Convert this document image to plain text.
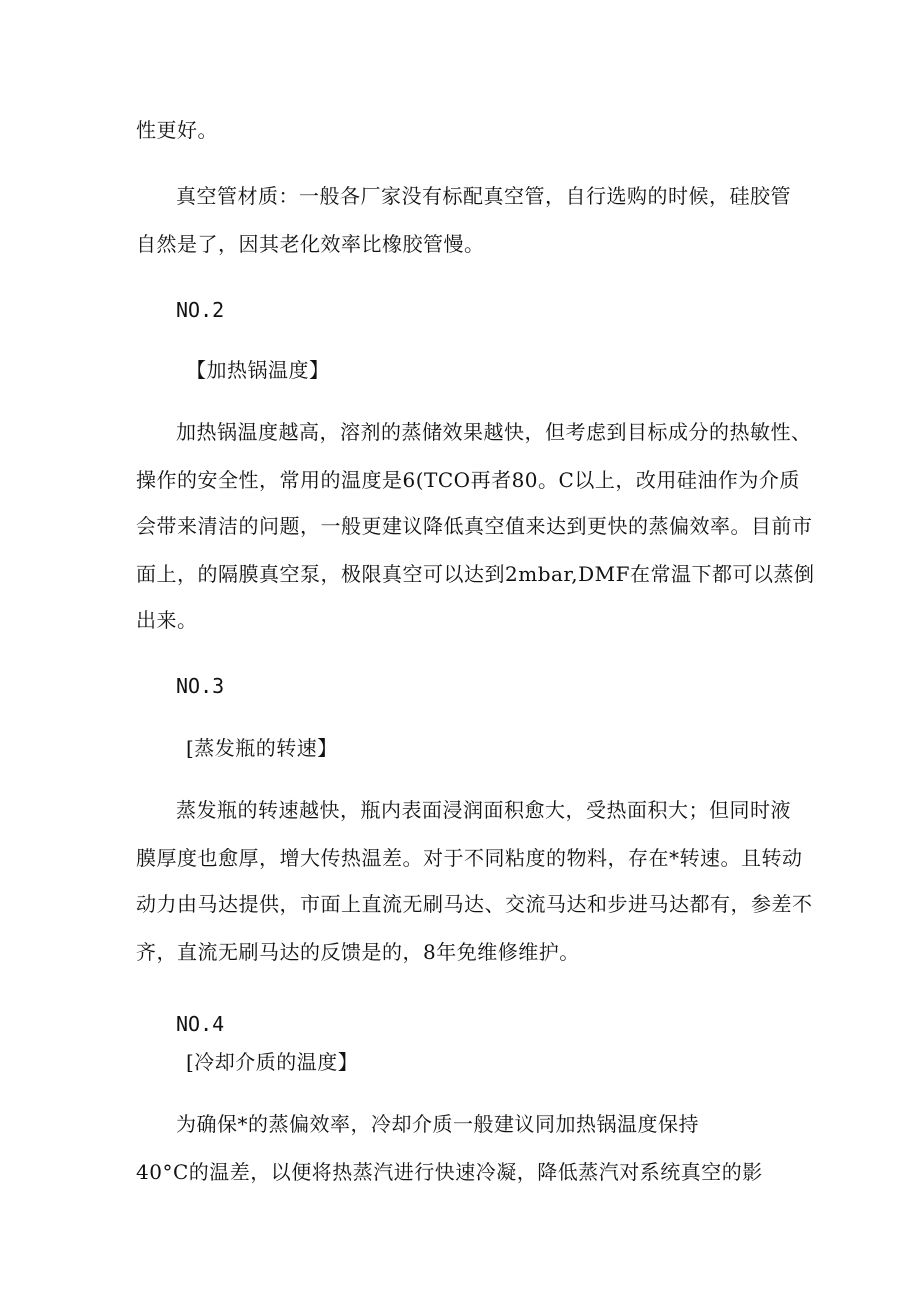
性更好。
真空管材质：一般各厂家没有标配真空管，自行选购的时候，硅胶管
自然是了，因其老化效率比橡胶管慢。
NO.2
【加热锅温度】
加热锅温度越高，溶剂的蒸储效果越快，但考虑到目标成分的热敏性、
操作的安全性，常用的温度是6(TCO再者80。C以上，改用硅油作为介质
会带来清洁的问题，一般更建议降低真空值来达到更快的蒸偏效率。目前市
面上，的隔膜真空泵，极限真空可以达到2mbar,DMF在常温下都可以蒸倒
出来。
NO.3
[蒸发瓶的转速】
蒸发瓶的转速越快，瓶内表面浸润面积愈大，受热面积大；但同时液
膜厚度也愈厚，增大传热温差。对于不同粘度的物料，存在*转速。且转动
动力由马达提供，市面上直流无刷马达、交流马达和步进马达都有，参差不
齐，直流无刷马达的反馈是的，8年免维修维护。
NO.4
[冷却介质的温度】
为确保*的蒸偏效率，冷却介质一般建议同加热锅温度保持
40°C的温差，以便将热蒸汽进行快速冷凝，降低蒸汽对系统真空的影
